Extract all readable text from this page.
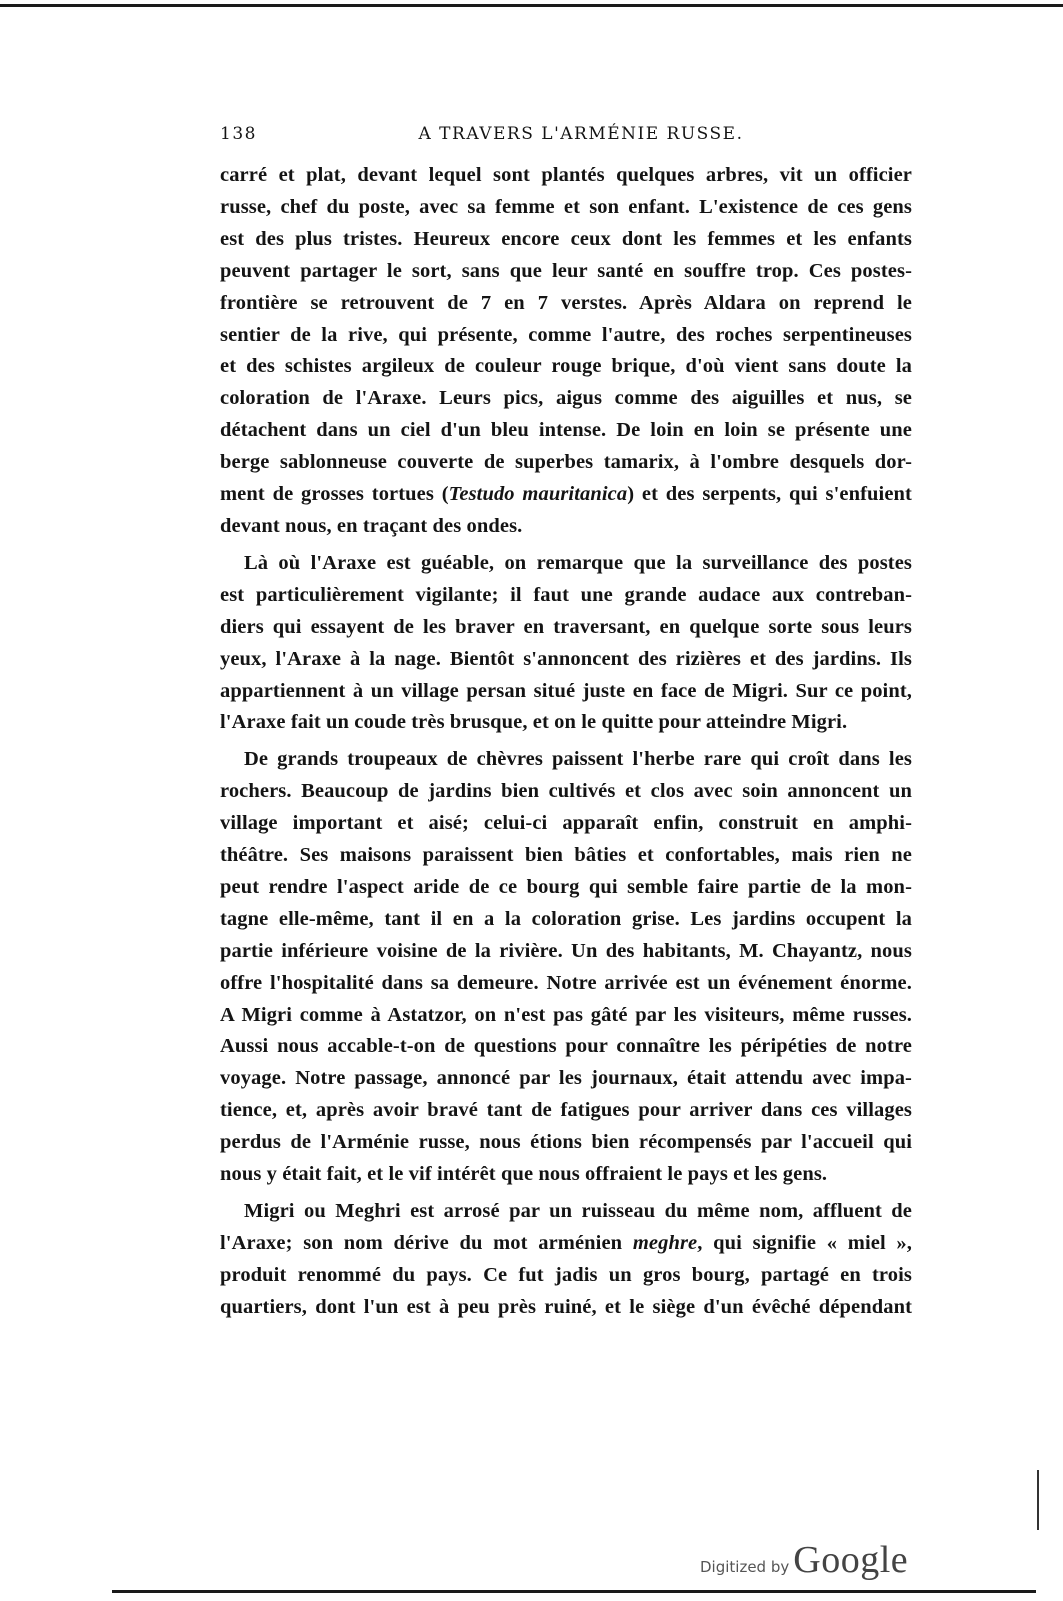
138	A TRAVERS L'ARMÉNIE RUSSE.
carré et plat, devant lequel sont plantés quelques arbres, vit un officier
russe, chef du poste, avec sa femme et son enfant. L'existence de ces gens
est des plus tristes. Heureux encore ceux dont les femmes et les enfants
peuvent partager le sort, sans que leur santé en souffre trop. Ces postes-
frontière se retrouvent de 7 en 7 verstes. Après Aldara on reprend le
sentier de la rive, qui présente, comme l'autre, des roches serpentineuses
et des schistes argileux de couleur rouge brique, d'où vient sans doute la
coloration de l'Araxe. Leurs pics, aigus comme des aiguilles et nus, se
détachent dans un ciel d'un bleu intense. De loin en loin se présente une
berge sablonneuse couverte de superbes tamarix, à l'ombre desquels dor-
ment de grosses tortues (Testudo mauritanica) et des serpents, qui s'enfuient
devant nous, en traçant des ondes.
Là où l'Araxe est guéable, on remarque que la surveillance des postes
est particulièrement vigilante; il faut une grande audace aux contreban-
diers qui essayent de les braver en traversant, en quelque sorte sous leurs
yeux, l'Araxe à la nage. Bientôt s'annoncent des rizières et des jardins. Ils
appartiennent à un village persan situé juste en face de Migri. Sur ce point,
l'Araxe fait un coude très brusque, et on le quitte pour atteindre Migri.
De grands troupeaux de chèvres paissent l'herbe rare qui croît dans les
rochers. Beaucoup de jardins bien cultivés et clos avec soin annoncent un
village important et aisé; celui-ci apparaît enfin, construit en amphi-
théâtre. Ses maisons paraissent bien bâties et confortables, mais rien ne
peut rendre l'aspect aride de ce bourg qui semble faire partie de la mon-
tagne elle-même, tant il en a la coloration grise. Les jardins occupent la
partie inférieure voisine de la rivière. Un des habitants, M. Chayantz, nous
offre l'hospitalité dans sa demeure. Notre arrivée est un événement énorme.
A Migri comme à Astatzor, on n'est pas gâté par les visiteurs, même russes.
Aussi nous accable-t-on de questions pour connaître les péripéties de notre
voyage. Notre passage, annoncé par les journaux, était attendu avec impa-
tience, et, après avoir bravé tant de fatigues pour arriver dans ces villages
perdus de l'Arménie russe, nous étions bien récompensés par l'accueil qui
nous y était fait, et le vif intérêt que nous offraient le pays et les gens.
Migri ou Meghri est arrosé par un ruisseau du même nom, affluent de
l'Araxe; son nom dérive du mot arménien meghre, qui signifie « miel »,
produit renommé du pays. Ce fut jadis un gros bourg, partagé en trois
quartiers, dont l'un est à peu près ruiné, et le siège d'un évêché dépendant
Digitized by Google
